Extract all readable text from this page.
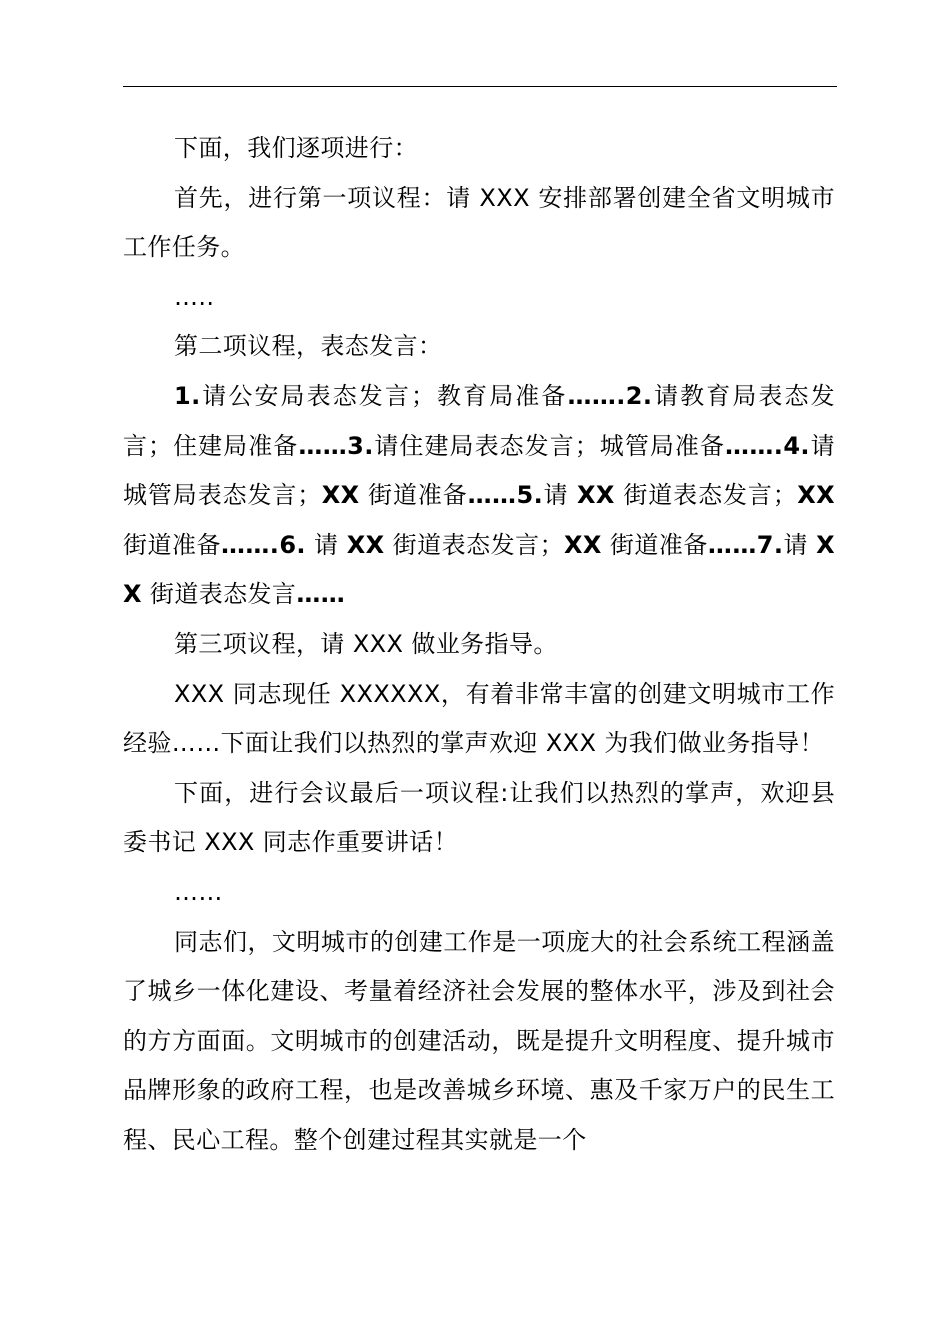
下面，我们逐项进行：

首先，进行第一项议程：请 XXX 安排部署创建全省文明城市工作任务。

…..

第二项议程，表态发言：

1.请公安局表态发言；教育局准备…….2.请教育局表态发言；住建局准备……3.请住建局表态发言；城管局准备…….4.请城管局表态发言；XX 街道准备……5.请 XX 街道表态发言；XX 街道准备…….6. 请 XX 街道表态发言；XX 街道准备……7.请 XX 街道表态发言……

第三项议程，请 XXX 做业务指导。

XXX 同志现任 XXXXXX，有着非常丰富的创建文明城市工作经验……下面让我们以热烈的掌声欢迎 XXX 为我们做业务指导！

下面，进行会议最后一项议程:让我们以热烈的掌声，欢迎县委书记 XXX 同志作重要讲话！

……

同志们，文明城市的创建工作是一项庞大的社会系统工程涵盖了城乡一体化建设、考量着经济社会发展的整体水平，涉及到社会的方方面面。文明城市的创建活动，既是提升文明程度、提升城市品牌形象的政府工程，也是改善城乡环境、惠及千家万户的民生工程、民心工程。整个创建过程其实就是一个
